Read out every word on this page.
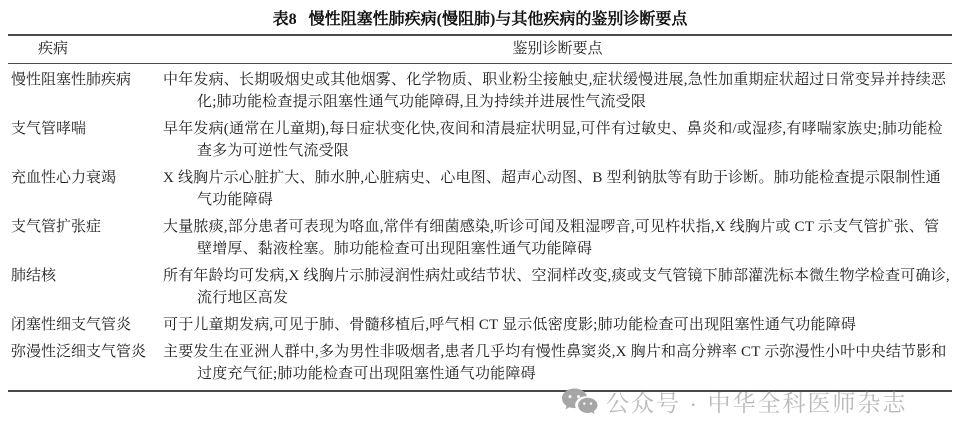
表8 慢性阻塞性肺疾病(慢阻肺)与其他疾病的鉴别诊断要点
疾病	鉴别诊断要点
慢性阻塞性肺疾病	中年发病、长期吸烟史或其他烟雾、化学物质、职业粉尘接触史,症状缓慢进展,急性加重期症状超过日常变异并持续恶化;肺功能检查提示阻塞性通气功能障碍,且为持续并进展性气流受限
支气管哮喘	早年发病(通常在儿童期),每日症状变化快,夜间和清晨症状明显,可伴有过敏史、鼻炎和/或湿疹,有哮喘家族史;肺功能检查多为可逆性气流受限
充血性心力衰竭	X 线胸片示心脏扩大、肺水肿,心脏病史、心电图、超声心动图、B 型利钠肽等有助于诊断。肺功能检查提示限制性通气功能障碍
支气管扩张症	大量脓痰,部分患者可表现为咯血,常伴有细菌感染,听诊可闻及粗湿啰音,可见杵状指,X 线胸片或 CT 示支气管扩张、管壁增厚、黏液栓塞。肺功能检查可出现阻塞性通气功能障碍
肺结核	所有年龄均可发病,X 线胸片示肺浸润性病灶或结节状、空洞样改变,痰或支气管镜下肺部灌洗标本微生物学检查可确诊,流行地区高发
闭塞性细支气管炎	可于儿童期发病,可见于肺、骨髓移植后,呼气相 CT 显示低密度影;肺功能检查可出现阻塞性通气功能障碍
弥漫性泛细支气管炎	主要发生在亚洲人群中,多为男性非吸烟者,患者几乎均有慢性鼻窦炎,X 胸片和高分辨率 CT 示弥漫性小叶中央结节影和过度充气征;肺功能检查可出现阻塞性通气功能障碍
公众号 · 中华全科医师杂志
